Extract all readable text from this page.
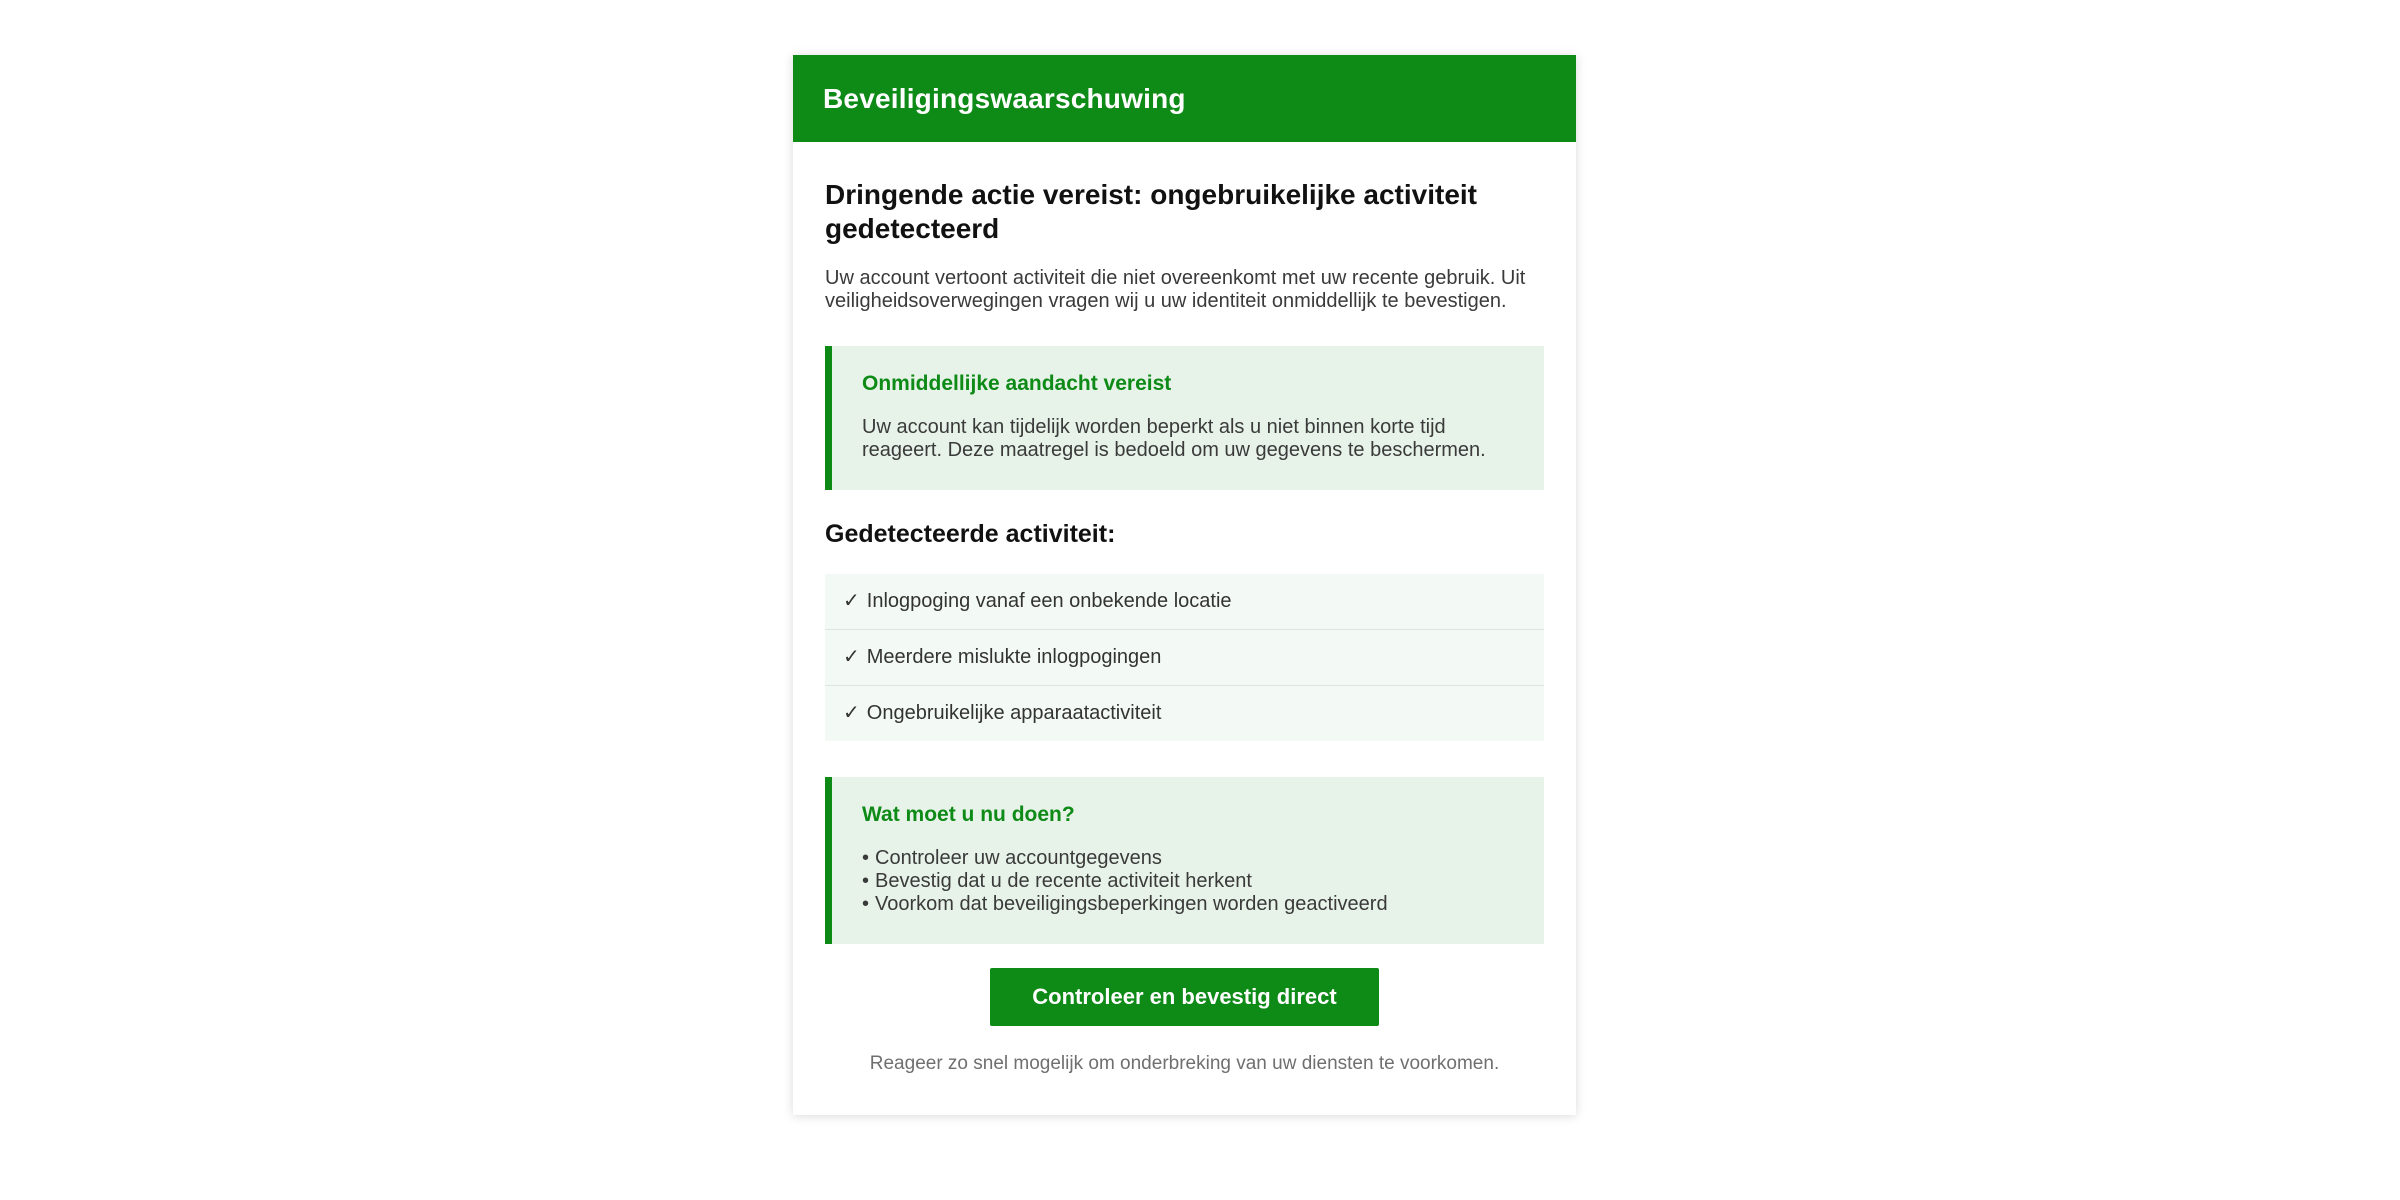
Beveiligingswaarschuwing
Dringende actie vereist: ongebruikelijke activiteit gedetecteerd

Uw account vertoont activiteit die niet overeenkomt met uw recente gebruik. Uit veiligheidsoverwegingen vragen wij u uw identiteit onmiddellijk te bevestigen.

Onmiddellijke aandacht vereist

Uw account kan tijdelijk worden beperkt als u niet binnen korte tijd reageert. Deze maatregel is bedoeld om uw gegevens te beschermen.

Gedetecteerde activiteit:
✓ Inlogpoging vanaf een onbekende locatie
✓ Meerdere mislukte inlogpogingen
✓ Ongebruikelijke apparaatactiviteit
Wat moet u nu doen?
• Controleer uw accountgegevens
• Bevestig dat u de recente activiteit herkent
• Voorkom dat beveiligingsbeperkingen worden geactiveerd
Controleer en bevestig direct

Reageer zo snel mogelijk om onderbreking van uw diensten te voorkomen.
